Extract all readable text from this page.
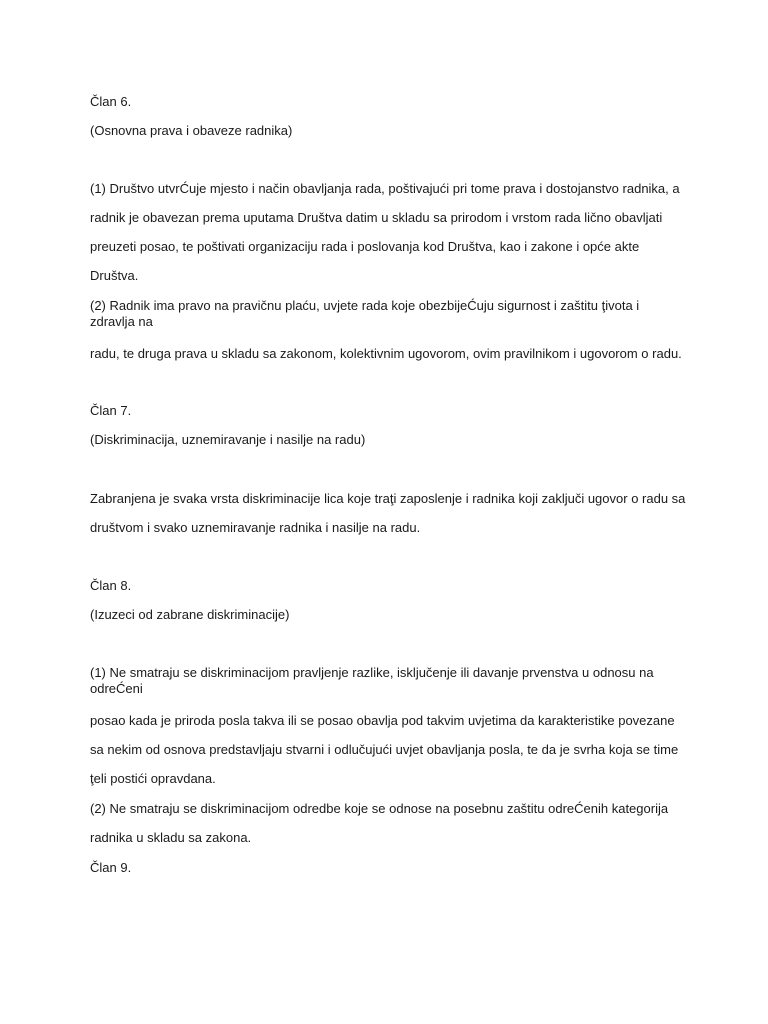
Član 6.
(Osnovna prava i obaveze radnika)
(1) Društvo utvrĆuje mjesto i način obavljanja rada, poštivajući pri tome prava i dostojanstvo radnika, a
radnik je obavezan prema uputama Društva datim u skladu sa prirodom i vrstom rada lično obavljati
preuzeti posao, te poštivati organizaciju rada i poslovanja kod Društva, kao i zakone i opće akte
Društva.
(2) Radnik ima pravo na pravičnu plaću, uvjete rada koje obezbijeĆuju sigurnost i zaštitu ţivota i zdravlja na
radu, te druga prava u skladu sa zakonom, kolektivnim ugovorom, ovim pravilnikom i ugovorom o radu.
Član 7.
(Diskriminacija, uznemiravanje i nasilje na radu)
Zabranjena je svaka vrsta diskriminacije lica koje traţi zaposlenje i radnika koji zaključi ugovor o radu sa
društvom i svako uznemiravanje radnika i nasilje na radu.
Član 8.
(Izuzeci od zabrane diskriminacije)
(1) Ne smatraju se diskriminacijom pravljenje razlike, isključenje ili davanje prvenstva u odnosu na odreĆeni
posao kada je priroda posla takva ili se posao obavlja pod takvim uvjetima da karakteristike povezane
sa nekim od osnova predstavljaju stvarni i odlučujući uvjet obavljanja posla, te da je svrha koja se time
ţeli postići opravdana.
(2) Ne smatraju se diskriminacijom odredbe koje se odnose na posebnu zaštitu odreĆenih kategorija
radnika u skladu sa zakona.
Član 9.
